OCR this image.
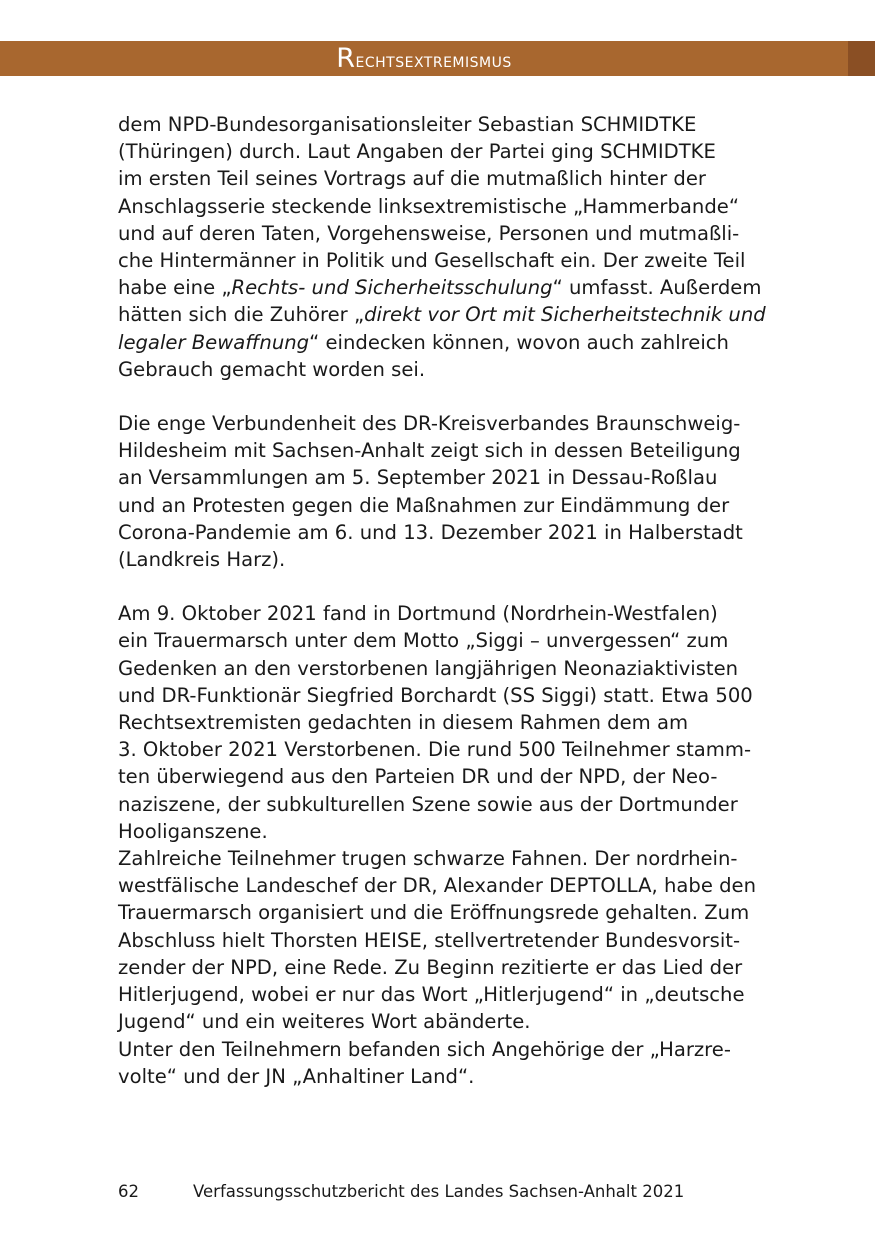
Rechtsextremismus

dem NPD-Bundesorganisationsleiter Sebastian SCHMIDTKE
(Thüringen) durch. Laut Angaben der Partei ging SCHMIDTKE
im ersten Teil seines Vortrags auf die mutmaßlich hinter der
Anschlagsserie steckende linksextremistische „Hammerbande“
und auf deren Taten, Vorgehensweise, Personen und mutmaßli-
che Hintermänner in Politik und Gesellschaft ein. Der zweite Teil
habe eine „Rechts- und Sicherheitsschulung“ umfasst. Außerdem
hätten sich die Zuhörer „direkt vor Ort mit Sicherheitstechnik und
legaler Bewaffnung“ eindecken können, wovon auch zahlreich
Gebrauch gemacht worden sei.

Die enge Verbundenheit des DR-Kreisverbandes Braunschweig-
Hildesheim mit Sachsen-Anhalt zeigt sich in dessen Beteiligung
an Versammlungen am 5. September 2021 in Dessau-Roßlau
und an Protesten gegen die Maßnahmen zur Eindämmung der
Corona-Pandemie am 6. und 13. Dezember 2021 in Halberstadt
(Landkreis Harz).

Am 9. Oktober 2021 fand in Dortmund (Nordrhein-Westfalen)
ein Trauermarsch unter dem Motto „Siggi – unvergessen“ zum
Gedenken an den verstorbenen langjährigen Neonaziaktivisten
und DR-Funktionär Siegfried Borchardt (SS Siggi) statt. Etwa 500
Rechtsextremisten gedachten in diesem Rahmen dem am
3. Oktober 2021 Verstorbenen. Die rund 500 Teilnehmer stamm-
ten überwiegend aus den Parteien DR und der NPD, der Neo-
naziszene, der subkulturellen Szene sowie aus der Dortmunder
Hooliganszene.
Zahlreiche Teilnehmer trugen schwarze Fahnen. Der nordrhein-
westfälische Landeschef der DR, Alexander DEPTOLLA, habe den
Trauermarsch organisiert und die Eröffnungsrede gehalten. Zum
Abschluss hielt Thorsten HEISE, stellvertretender Bundesvorsit-
zender der NPD, eine Rede. Zu Beginn rezitierte er das Lied der
Hitlerjugend, wobei er nur das Wort „Hitlerjugend“ in „deutsche
Jugend“ und ein weiteres Wort abänderte.
Unter den Teilnehmern befanden sich Angehörige der „Harzre-
volte“ und der JN „Anhaltiner Land“.

62	Verfassungsschutzbericht des Landes Sachsen-Anhalt 2021
